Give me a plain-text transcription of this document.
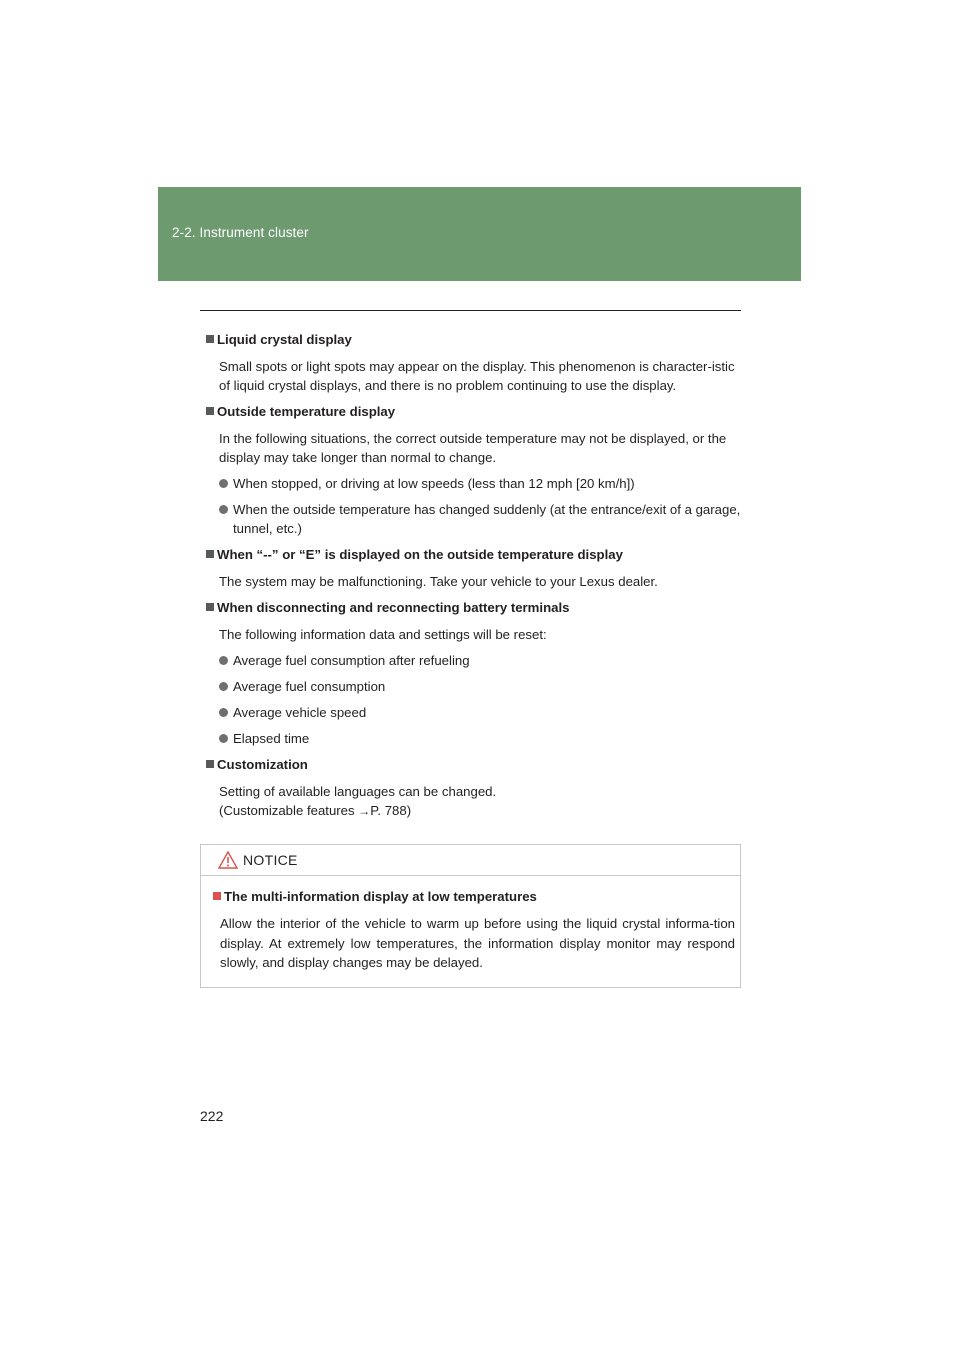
2-2. Instrument cluster
Liquid crystal display
Small spots or light spots may appear on the display. This phenomenon is character-istic of liquid crystal displays, and there is no problem continuing to use the display.
Outside temperature display
In the following situations, the correct outside temperature may not be displayed, or the display may take longer than normal to change.
When stopped, or driving at low speeds (less than 12 mph [20 km/h])
When the outside temperature has changed suddenly (at the entrance/exit of a garage, tunnel, etc.)
When “--” or “E” is displayed on the outside temperature display
The system may be malfunctioning. Take your vehicle to your Lexus dealer.
When disconnecting and reconnecting battery terminals
The following information data and settings will be reset:
Average fuel consumption after refueling
Average fuel consumption
Average vehicle speed
Elapsed time
Customization
Setting of available languages can be changed.
(Customizable features →P. 788)
NOTICE
The multi-information display at low temperatures
Allow the interior of the vehicle to warm up before using the liquid crystal informa-tion display. At extremely low temperatures, the information display monitor may respond slowly, and display changes may be delayed.
222
